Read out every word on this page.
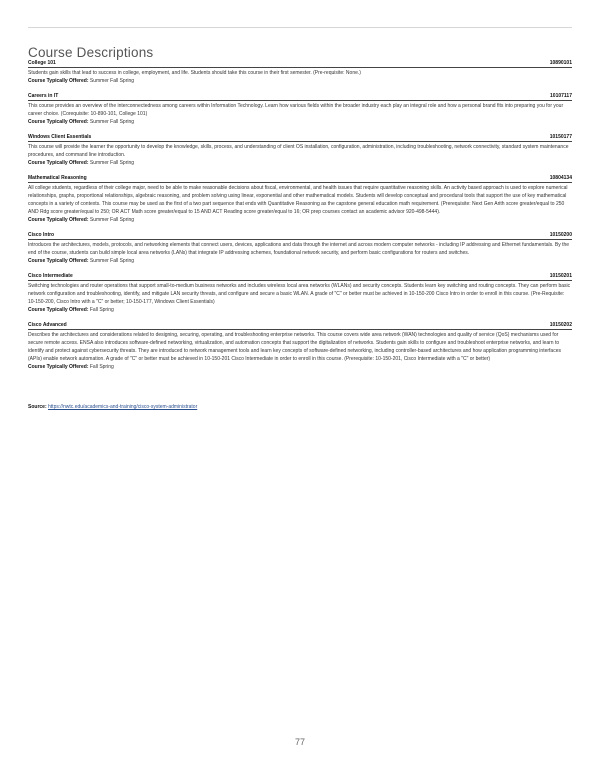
Course Descriptions
College 101	10890101
Students gain skills that lead to success in college, employment, and life. Students should take this course in their first semester. (Pre-requisite: None.)
Course Typically Offered: Summer Fall Spring
Careers in IT	10107117
This course provides an overview of the interconnectedness among careers within Information Technology. Learn how various fields within the broader industry each play an integral role and how a personal brand fits into preparing you for your career choice. (Corequisite: 10-890-101, College 101)
Course Typically Offered: Summer Fall Spring
Windows Client Essentials	10150177
This course will provide the learner the opportunity to develop the knowledge, skills, process, and understanding of client OS installation, configuration, administration, including troubleshooting, network connectivity, standard system maintenance procedures, and command line introduction.
Course Typically Offered: Summer Fall Spring
Mathematical Reasoning	10804134
All college students, regardless of their college major, need to be able to make reasonable decisions about fiscal, environmental, and health issues that require quantitative reasoning skills. An activity based approach is used to explore numerical relationships, graphs, proportional relationships, algebraic reasoning, and problem solving using linear, exponential and other mathematical models. Students will develop conceptual and procedural tools that support the use of key mathematical concepts in a variety of contexts. This course may be used as the first of a two part sequence that ends with Quantitative Reasoning as the capstone general education math requirement. (Prerequisite: Next Gen Arith score greater/equal to 250 AND Rdg score greater/equal to 250; OR ACT Math score greater/equal to 15 AND ACT Reading score greater/equal to 16; OR prep courses contact an academic advisor 920-498-5444).
Course Typically Offered: Summer Fall Spring
Cisco Intro	10150200
Introduces the architectures, models, protocols, and networking elements that connect users, devices, applications and data through the internet and across modern computer networks - including IP addressing and Ethernet fundamentals. By the end of the course, students can build simple local area networks (LANs) that integrate IP addressing schemes, foundational network security, and perform basic configurations for routers and switches.
Course Typically Offered: Summer Fall Spring
Cisco Intermediate	10150201
Switching technologies and router operations that support small-to-medium business networks and includes wireless local area networks (WLANs) and security concepts. Students learn key switching and routing concepts. They can perform basic network configuration and troubleshooting, identify, and mitigate LAN security threats, and configure and secure a basic WLAN. A grade of "C" or better must be achieved in 10-150-200 Cisco Intro in order to enroll in this course. (Pre-Requisite: 10-150-200, Cisco Intro with a "C" or better; 10-150-177, Windows Client Essentials)
Course Typically Offered: Fall Spring
Cisco Advanced	10150202
Describes the architectures and considerations related to designing, securing, operating, and troubleshooting enterprise networks. This course covers wide area network (WAN) technologies and quality of service (QoS) mechanisms used for secure remote access. ENSA also introduces software-defined networking, virtualization, and automation concepts that support the digitalization of networks. Students gain skills to configure and troubleshoot enterprise networks, and learn to identify and protect against cybersecurity threats. They are introduced to network management tools and learn key concepts of software-defined networking, including controller-based architectures and how application programming interfaces (APIs) enable network automation. A grade of "C" or better must be achieved in 10-150-201 Cisco Intermediate in order to enroll in this course. (Prerequisite: 10-150-201, Cisco Intermediate with a "C" or better)
Course Typically Offered: Fall Spring
Source: https://nwtc.edu/academics-and-training/cisco-system-administrator
77
